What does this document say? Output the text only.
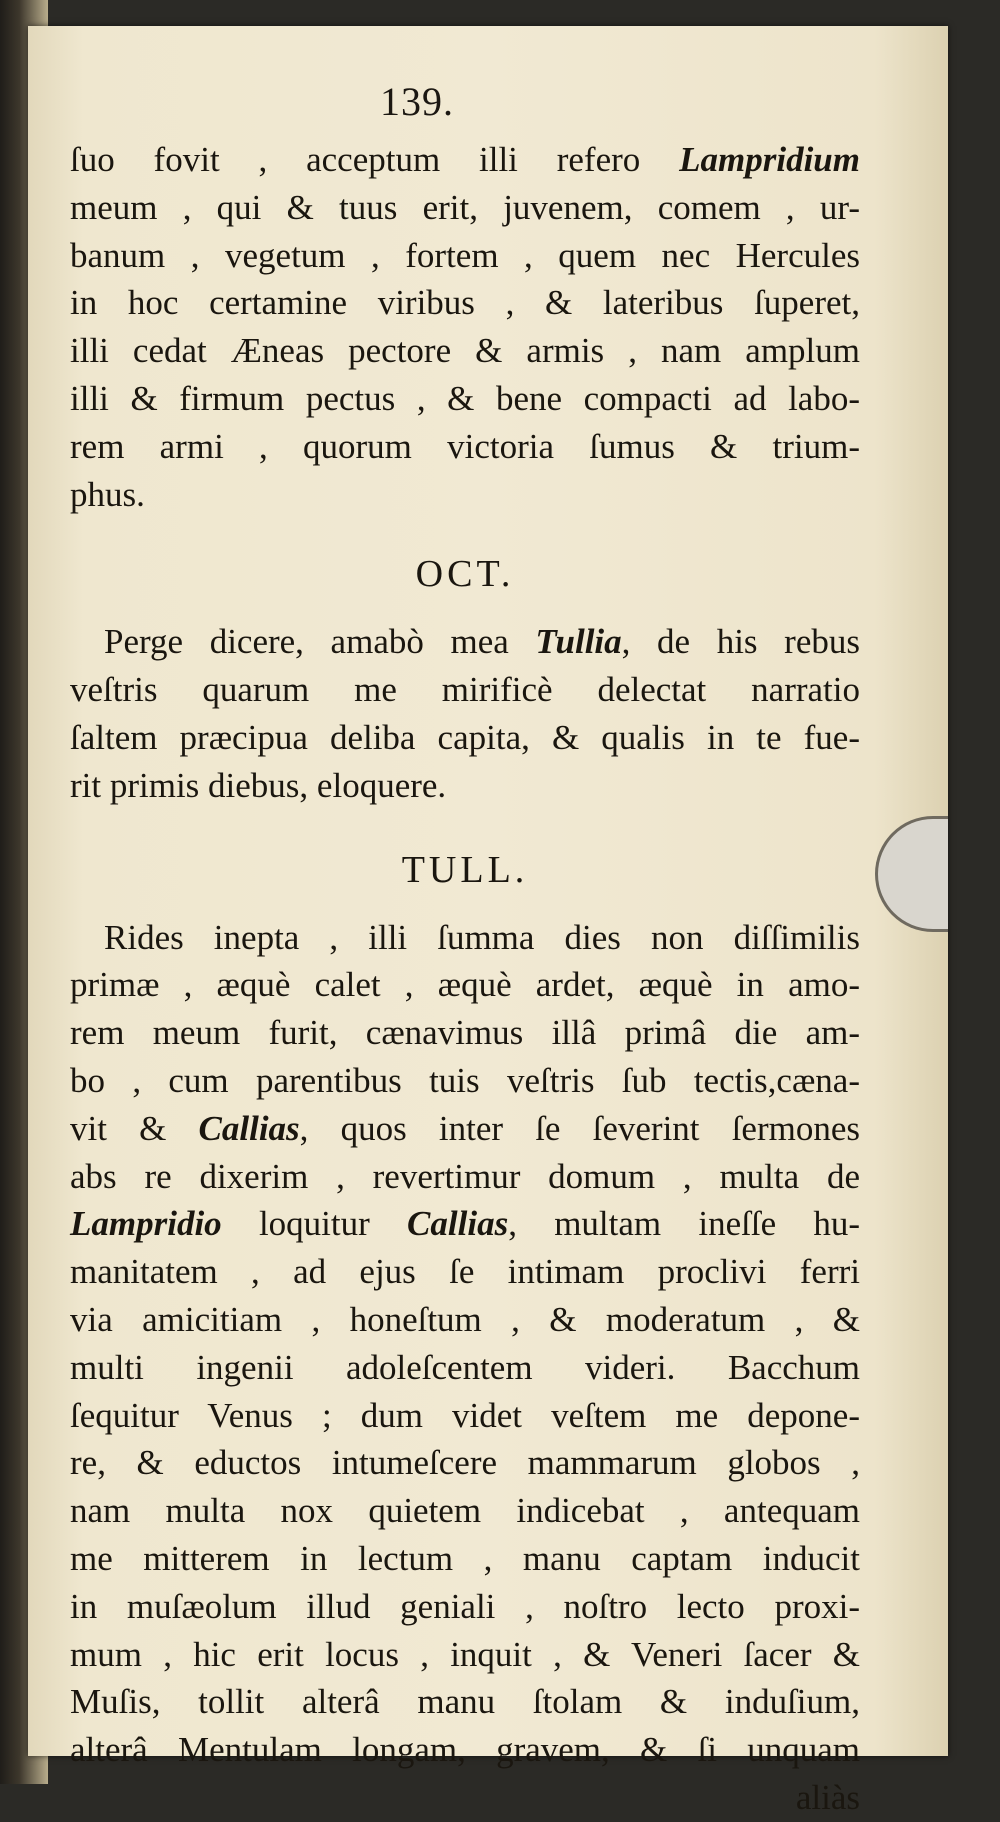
139.
ſuo fovit , acceptum illi refero Lampridium
meum , qui & tuus erit, juvenem, comem , ur-
banum , vegetum , fortem , quem nec Hercules
in hoc certamine viribus , & lateribus ſuperet,
illi cedat Æneas pectore & armis , nam amplum
illi & firmum pectus , & bene compacti ad labo-
rem armi , quorum victoria ſumus & trium-
phus.
OCT.
Perge dicere, amabò mea Tullia, de his rebus
veſtris quarum me mirificè delectat narratio
ſaltem præcipua deliba capita, & qualis in te fue-
rit primis diebus, eloquere.
TULL.
Rides inepta , illi ſumma dies non diſſimilis
primæ , æquè calet , æquè ardet, æquè in amo-
rem meum furit, cænavimus illâ primâ die am-
bo , cum parentibus tuis veſtris ſub tectis,cæna-
vit & Callias, quos inter ſe ſeverint ſermones
abs re dixerim , revertimur domum , multa de
Lampridio loquitur Callias, multam ineſſe hu-
manitatem , ad ejus ſe intimam proclivi ferri
via amicitiam , honeſtum , & moderatum , &
multi ingenii adoleſcentem videri. Bacchum
ſequitur Venus ; dum videt veſtem me depone-
re, & eductos intumeſcere mammarum globos ,
nam multa nox quietem indicebat , antequam
me mitterem in lectum , manu captam inducit
in muſæolum illud geniali , noſtro lecto proxi-
mum , hic erit locus , inquit , & Veneri ſacer &
Muſis, tollit alterâ manu ſtolam & induſium,
alterâ Mentulam longam, gravem, & ſi unquam
aliàs
